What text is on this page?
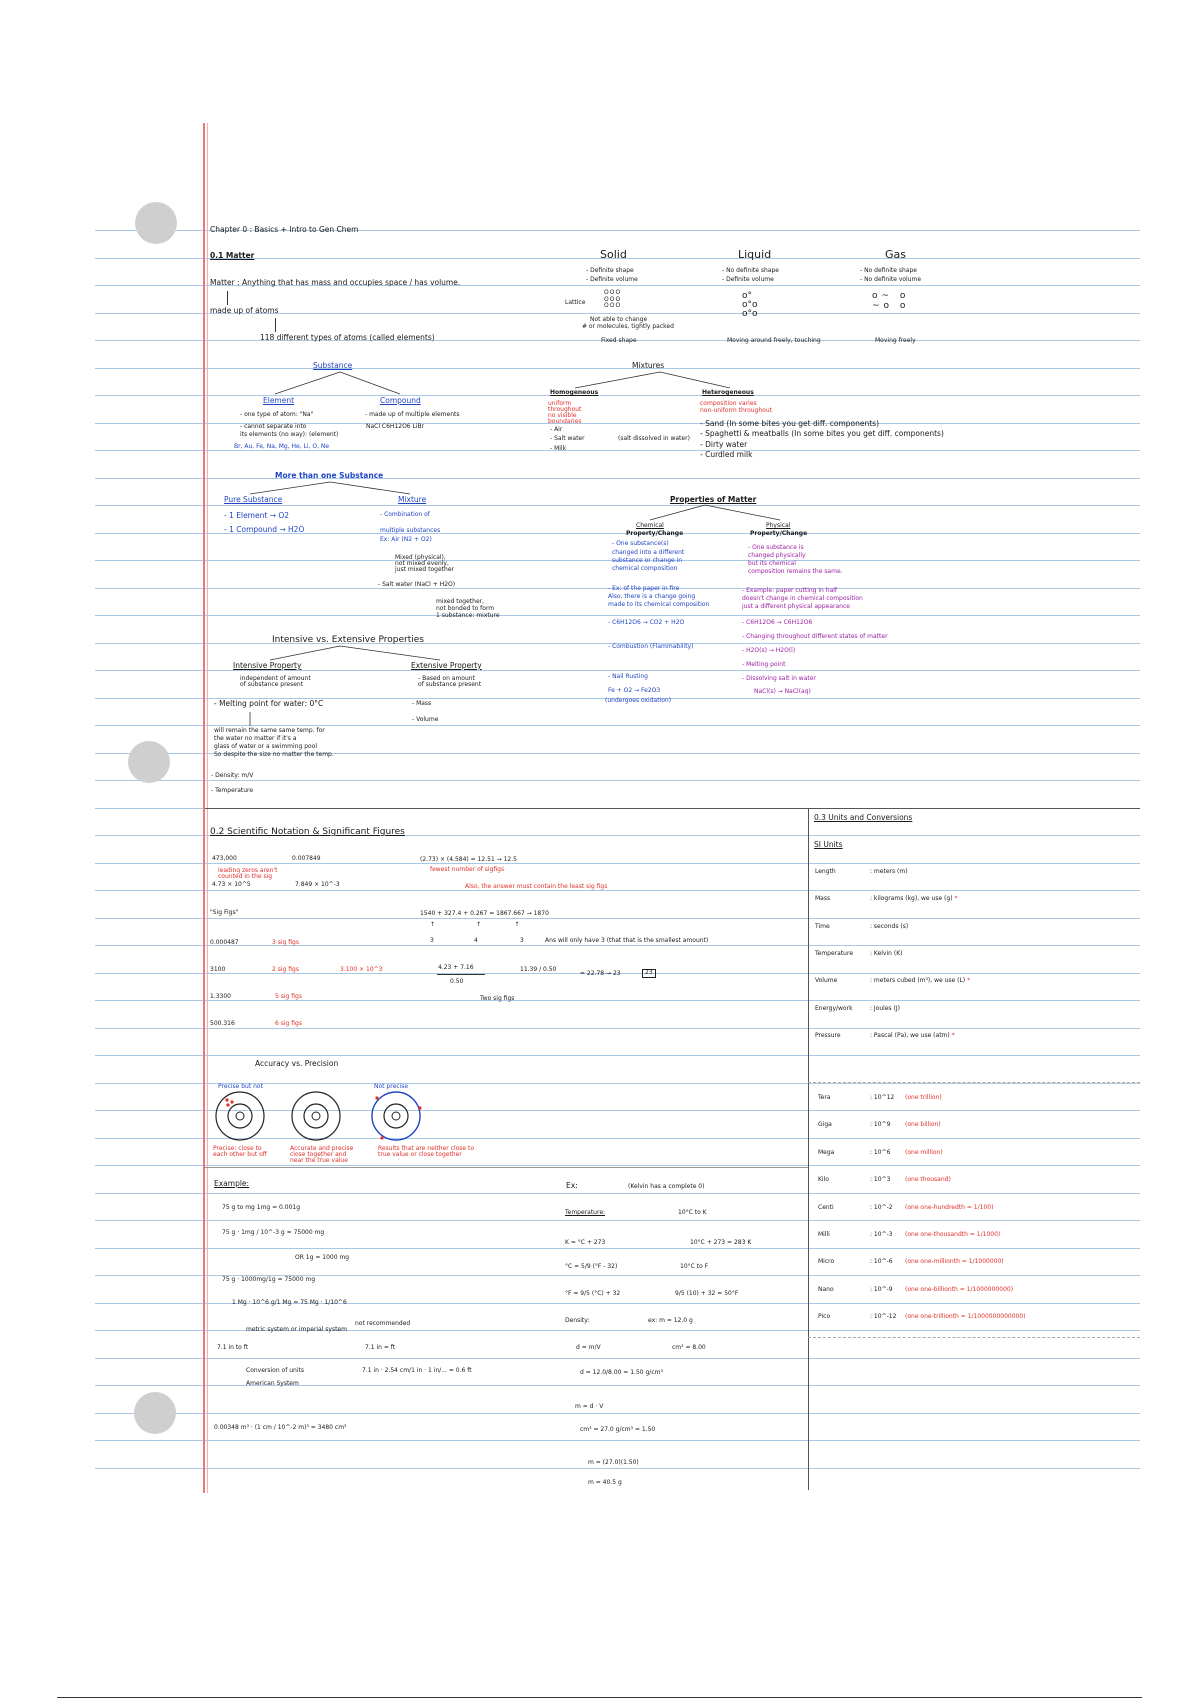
Chapter 0 : Basics + Intro to Gen Chem
0.1 Matter
Matter : Anything that has mass and occupies space / has volume.
made up of atoms
118 different types of atoms (called elements)
Solid
- Definite shape
- Definite volume
Lattice
OOO
OOO
OOO
Not able to change
# or molecules, tightly packed
Fixed shape
Liquid
- No definite shape
- Definite volume
o°
o°o
o°o
Moving around freely, touching
Gas
- No definite shape
- No definite volume
o~ o
~o o
Moving freely
Substance
Element
- one type of atom: "Na"
- cannot separate into
its elements (no way): (element)
Br, Au, Fe, Na, Mg, He, Li, O, Ne
Compound
- made up of multiple elements
NaCl C6H12O6 LiBr
Mixtures
Homogeneous
uniform
throughout
no visible
boundaries
- Air
- Salt water
- Milk
(salt dissolved in water)
Heterogeneous
composition varies
non-uniform throughout
- Sand (In some bites you get diff. components)
- Spaghetti & meatballs (In some bites you get diff. components)
- Dirty water
- Curdled milk
More than one Substance
Pure Substance
- 1 Element → O2
- 1 Compound → H2O
Mixture
- Combination of
multiple substances
Ex: Air (N2 + O2)
Mixed (physical),
not mixed evenly,
just mixed together
- Salt water (NaCl + H2O)
mixed together,
not bonded to form
1 substance: mixture
Properties of Matter
Chemical
Property/Change
- One substance(s)
changed into a different
substance or change in
chemical composition
- Ex: of the paper in fire
Also, there is a change going
made to its chemical composition
- C6H12O6 → CO2 + H2O
- Combustion (Flammability)
- Nail Rusting
Fe + O2 → Fe2O3
(undergoes oxidation)
Physical
Property/Change
- One substance is
changed physically
but its chemical
composition remains the same.
- Example: paper cutting in half
doesn't change in chemical composition
just a different physical appearance
- C6H12O6 → C6H12O6
- Changing throughout different states of matter
- H2O(s) → H2O(l)
- Melting point
- Dissolving salt in water
NaCl(s) → NaCl(aq)
Intensive vs. Extensive Properties
Intensive Property
independent of amount
of substance present
- Melting point for water: 0°C
will remain the same same temp. for
the water no matter if it's a
glass of water or a swimming pool
So despite the size no matter the temp.
- Density: m/V
- Temperature
Extensive Property
- Based on amount
of substance present
- Mass
- Volume
0.2 Scientific Notation & Significant Figures
473,000	0.007849
leading zeros aren't
counted in the sig
4.73 × 10^5	7.849 × 10^-3
"Sig Figs"
0.000487	3 sig figs
3100	2 sig figs	3.100 × 10^3
1.3300	5 sig figs
500.316	6 sig figs
(2.73) × (4.584) = 12.51 → 12.5
fewest number of sigfigs
Also, the answer must contain the least sig figs
1540 + 327.4 + 0.267 = 1867.667 → 1870
↑          ↑        ↑
3	4	3	Ans will only have 3 (that that is the smallest amount)
4.23 + 7.16
0.50
11.39 / 0.50
= 22.78 → 23	23
Two sig figs
Accuracy vs. Precision
Precise but not
Precise: close to
each other but off
Accurate and precise
close together and
near the true value
Not precise
Results that are neither close to
true value or close together
0.3 Units and Conversions
SI Units
Length	: meters (m)
Mass	: kilograms (kg), we use (g) *
Time	: seconds (s)
Temperature	: Kelvin (K)
Volume	: meters cubed (m³), we use (L) *
Energy/work	: Joules (J)
Pressure	: Pascal (Pa), we use (atm) *
Tera	: 10^12 (one trillion)
Giga	: 10^9 (one billion)
Mega	: 10^6 (one million)
Kilo	: 10^3 (one thousand)
Centi	: 10^-2 (one one-hundredth = 1/100)
Milli	: 10^-3 (one one-thousandth = 1/1000)
Micro	: 10^-6 (one one-millionth = 1/1000000)
Nano	: 10^-9 (one one-billionth = 1/1000000000)
Pico	: 10^-12 (one one-trillionth = 1/1000000000000)
Example:
75 g to mg 1mg = 0.001g
75 g · 1mg / 10^-3 g = 75000 mg
OR 1g = 1000 mg
75 g · 1000mg/1g = 75000 mg
1 Mg · 10^6 g/1 Mg = 75 Mg · 1/10^6
not recommended
7.1 in to ft	7.1 in = ft
7.1 in · 2.54 cm/1 in · 1 in/... = 0.6 ft
0.00348 m³ · (1 cm / 10^-2 m)³ = 3480 cm³
metric system or imperial system
Conversion of units
American System
Ex:	(Kelvin has a complete 0)
Temperature:	10°C to K
K = °C + 273	10°C + 273 = 283 K
°C = 5/9 (°F - 32)	10°C to F
°F = 9/5 (°C) + 32	9/5 (10) + 32 = 50°F
Density:	ex: m = 12.0 g
d = m/V	cm³ = 8.00
d = 12.0/8.00 = 1.50 g/cm³
m = d · V
cm³ = 27.0 g/cm³ = 1.50
m = (27.0)(1.50)
m = 40.5 g
